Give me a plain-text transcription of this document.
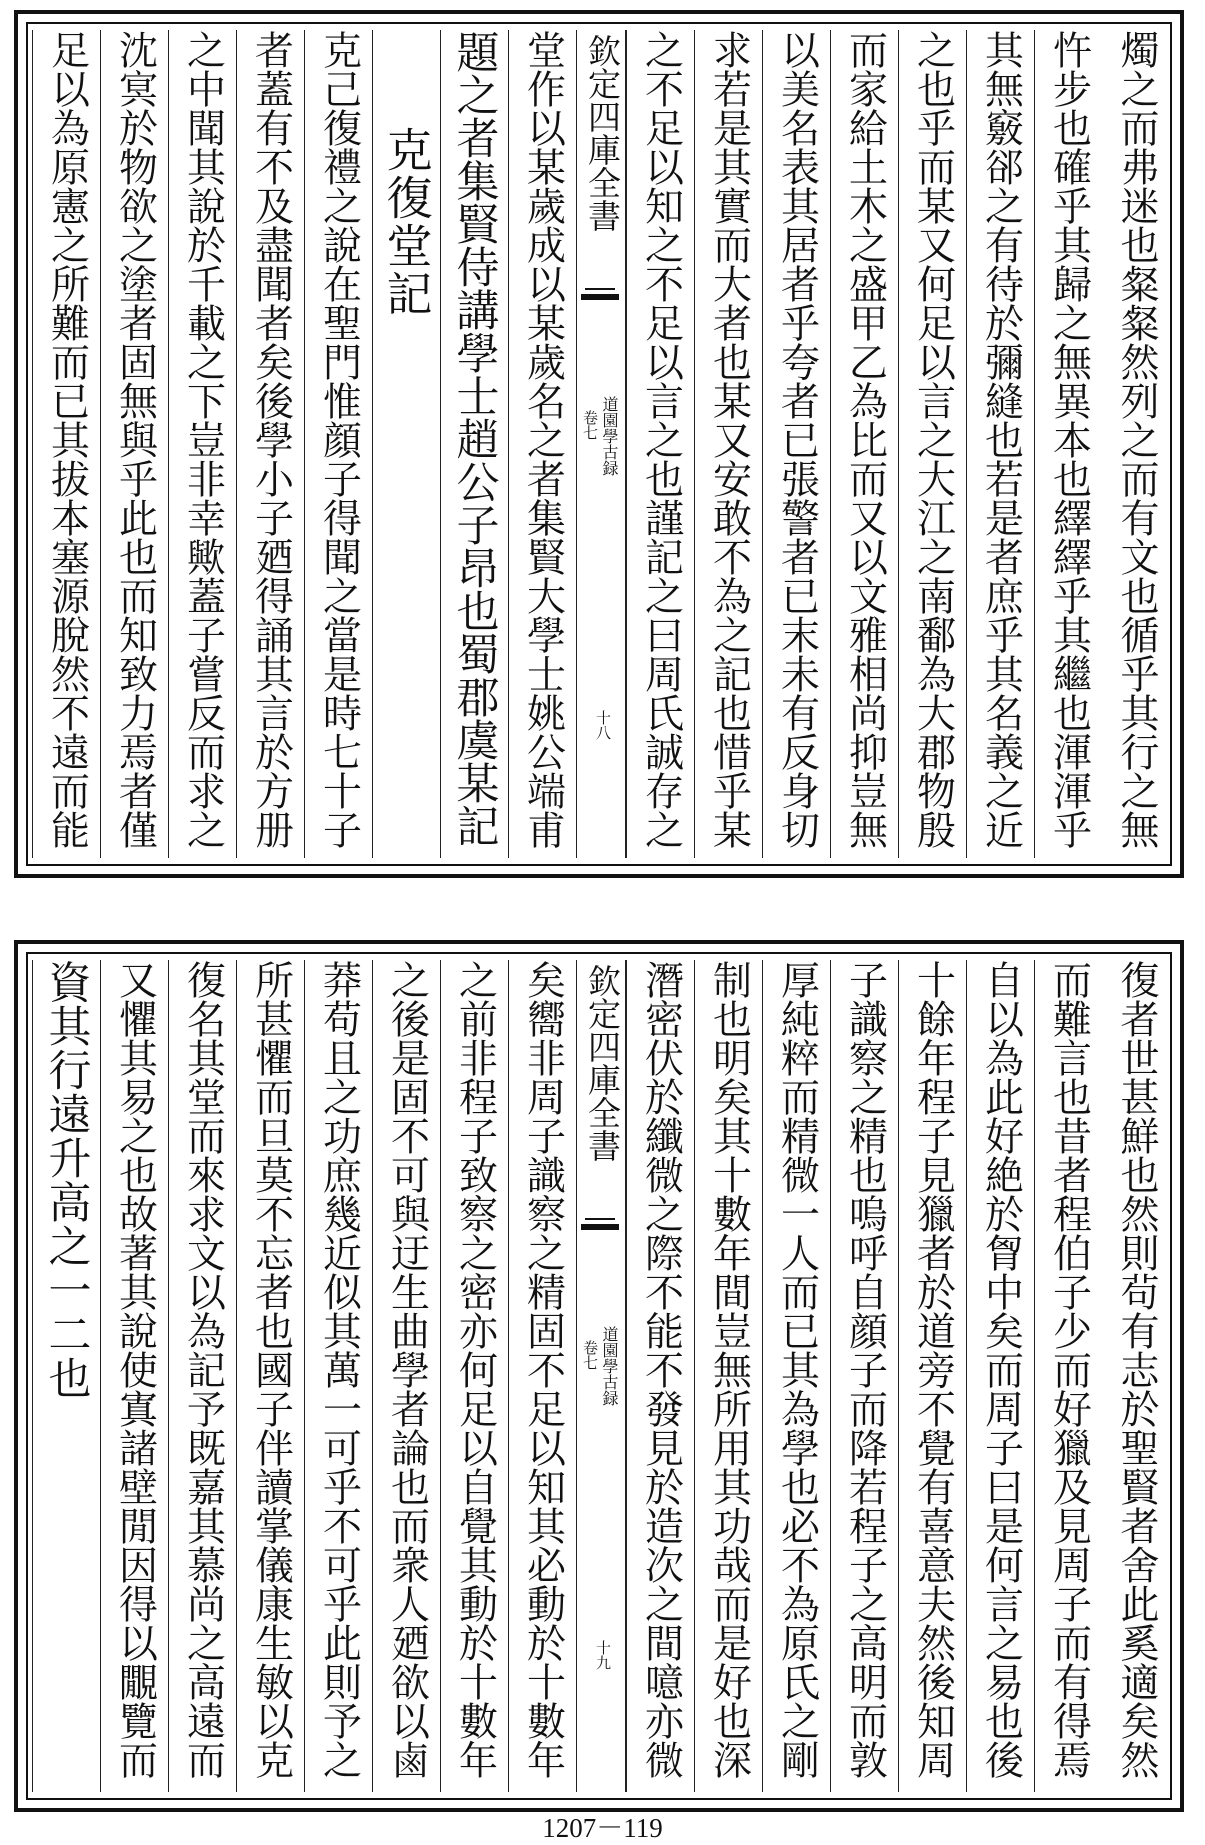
燭之而弗迷也粲粲然列之而有文也循乎其行之無
忤步也確乎其歸之無異本也繹繹乎其繼也渾渾乎
其無竅郤之有待於彌縫也若是者庶乎其名義之近
之也乎而某又何足以言之大江之南鄱為大郡物殷
而家給土木之盛甲乙為比而又以文雅相尚抑豈無
以美名表其居者乎夸者已張警者已末未有反身切
求若是其實而大者也某又安敢不為之記也惜乎某
之不足以知之不足以言之也謹記之曰周氏誠存之
欽定四庫全書
道園學古録
卷七
十八
堂作以某歲成以某歲名之者集賢大學士姚公端甫
題之者集賢侍講學士趙公子昂也蜀郡虞某記
克復堂記
克己復禮之說在聖門惟顔子得聞之當是時七十子
者蓋有不及盡聞者矣後學小子廼得誦其言於方册
之中聞其說於千載之下豈非幸歟蓋子嘗反而求之
沈㝠於物欲之塗者固無與乎此也而知致力焉者僅
足以為原憲之所難而已其拔本塞源脫然不遠而能
復者世甚鮮也然則茍有志於聖賢者舍此奚適矣然
而難言也昔者程伯子少而好獵及見周子而有得焉
自以為此好絶於胷中矣而周子曰是何言之易也後
十餘年程子見獵者於道旁不覺有喜意夫然後知周
子識察之精也嗚呼自顔子而降若程子之高明而敦
厚純粹而精微一人而已其為學也必不為原氏之剛
制也明矣其十數年間豈無所用其功哉而是好也深
潛密伏於纖微之際不能不發見於造次之間噫亦微
欽定四庫全書
道園學古録
卷七
十九
矣嚮非周子識察之精固不足以知其必動於十數年
之前非程子致察之密亦何足以自覺其動於十數年
之後是固不可與迂生曲學者論也而衆人廼欲以鹵
莽苟且之功庶幾近似其萬一可乎不可乎此則予之
所甚懼而旦莫不忘者也國子伴讀掌儀康生敏以克
復名其堂而來求文以為記予既嘉其慕尚之高遠而
又懼其易之也故著其說使寘諸壁閒因得以覵覽而
資其行遠升高之一二也
1207－119
